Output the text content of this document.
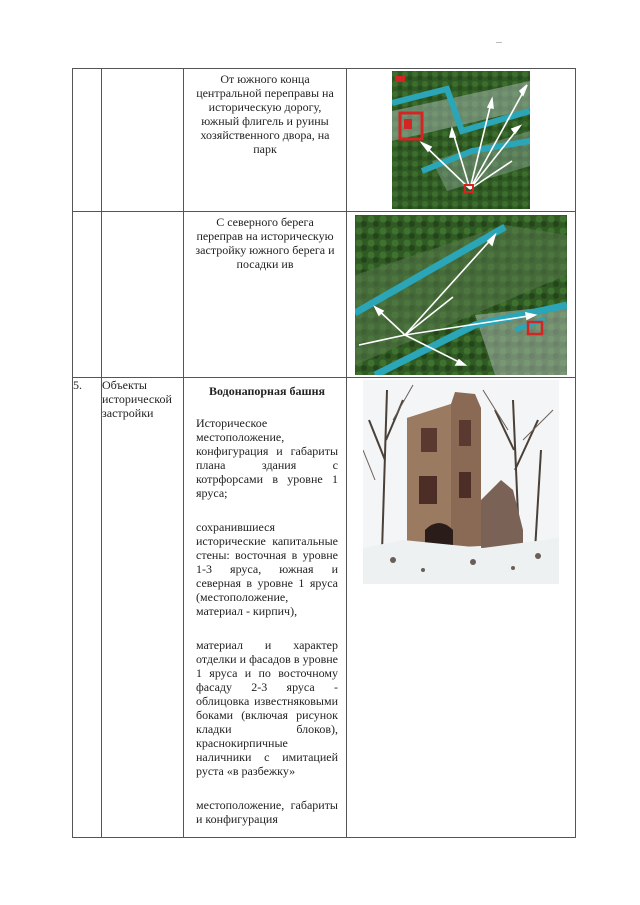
		От южного конца центральной переправы на историческую дорогу, южный флигель и руины хозяйственного двора, на парк

		С северного берега переправ на историческую застройку южного берега и посадки ив

5.	Объекты исторической застройки	Водонапорная башня

Историческое местоположение, конфигурация и габариты плана здания с котрфорсами в уровне 1 яруса;

сохранившиеся исторические капитальные стены: восточная в уровне 1-3 яруса, южная и северная в уровне 1 яруса (местоположение, материал - кирпич),

материал и характер отделки и фасадов в уровне 1 яруса и по восточному фасаду 2-3 яруса - облицовка известняковыми боками (включая рисунок кладки блоков), краснокирпичные наличники с имитацией руста «в разбежку»

местоположение, габариты и конфигурация
